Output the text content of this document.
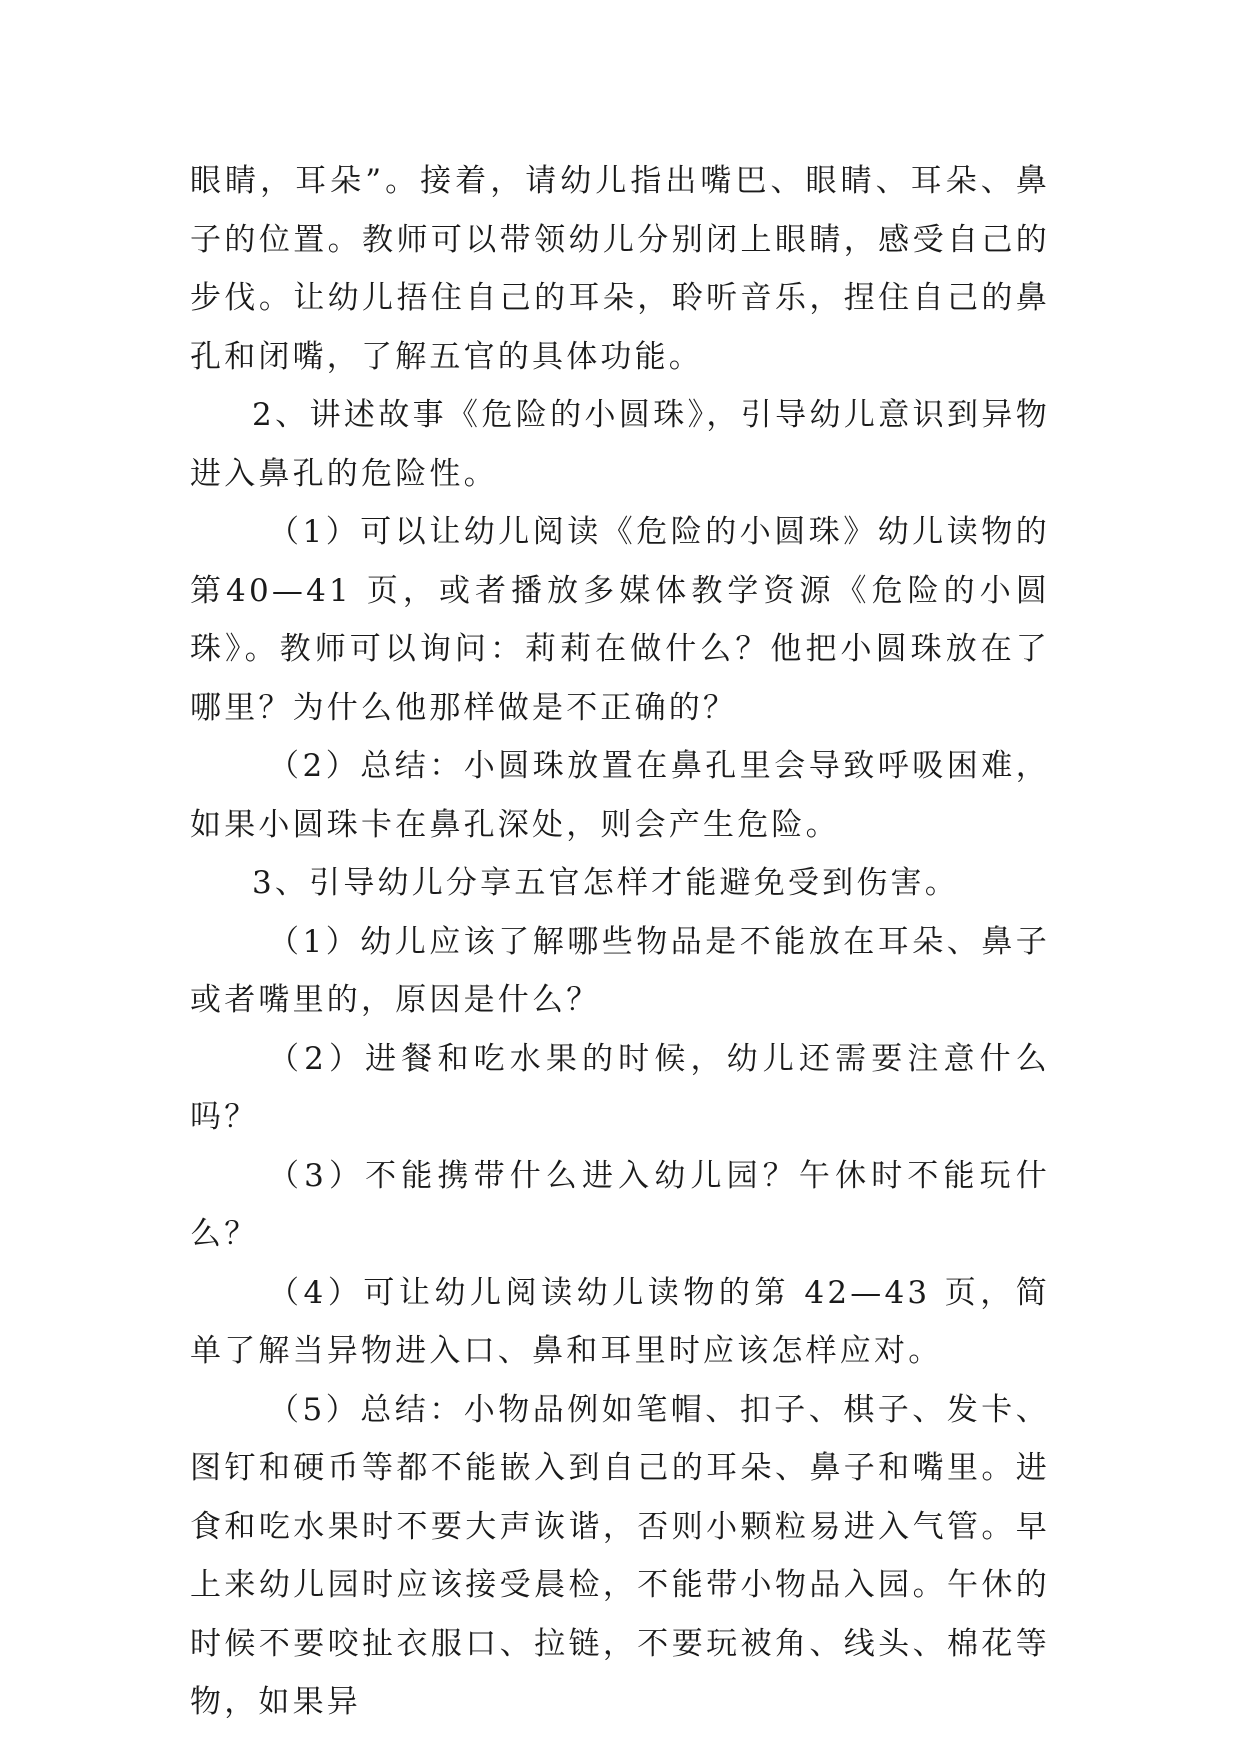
眼睛，耳朵”。接着，请幼儿指出嘴巴、眼睛、耳朵、鼻子的位置。教师可以带领幼儿分别闭上眼睛，感受自己的步伐。让幼儿捂住自己的耳朵，聆听音乐，捏住自己的鼻孔和闭嘴，了解五官的具体功能。

2、讲述故事《危险的小圆珠》，引导幼儿意识到异物进入鼻孔的危险性。

（1）可以让幼儿阅读《危险的小圆珠》幼儿读物的第40—41 页，或者播放多媒体教学资源《危险的小圆珠》。教师可以询问：莉莉在做什么？他把小圆珠放在了哪里？为什么他那样做是不正确的？

（2）总结：小圆珠放置在鼻孔里会导致呼吸困难，如果小圆珠卡在鼻孔深处，则会产生危险。

3、引导幼儿分享五官怎样才能避免受到伤害。

（1）幼儿应该了解哪些物品是不能放在耳朵、鼻子或者嘴里的，原因是什么？

（2）进餐和吃水果的时候，幼儿还需要注意什么吗？

（3）不能携带什么进入幼儿园？午休时不能玩什么？

（4）可让幼儿阅读幼儿读物的第 42—43 页，简单了解当异物进入口、鼻和耳里时应该怎样应对。

（5）总结：小物品例如笔帽、扣子、棋子、发卡、图钉和硬币等都不能嵌入到自己的耳朵、鼻子和嘴里。进食和吃水果时不要大声诙谐，否则小颗粒易进入气管。早上来幼儿园时应该接受晨检，不能带小物品入园。午休的时候不要咬扯衣服口、拉链，不要玩被角、线头、棉花等物，如果异
